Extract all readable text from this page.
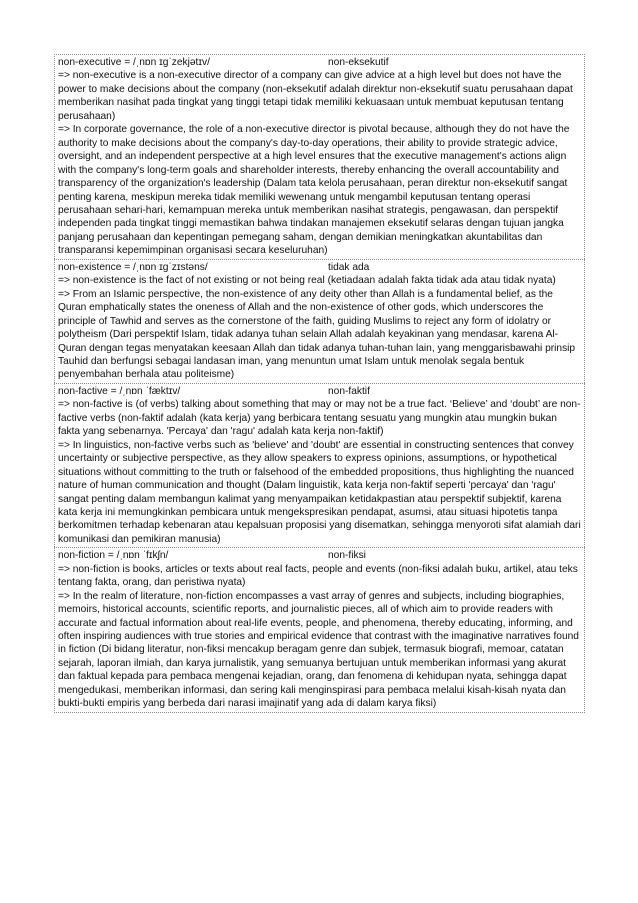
non-executive = /ˌnɒn ɪɡˈzekjətɪv/	non-eksekutif

=> non-executive is a non-executive director of a company can give advice at a high level but does not have the power to make decisions about the company (non-eksekutif adalah direktur non-eksekutif suatu perusahaan dapat memberikan nasihat pada tingkat yang tinggi tetapi tidak memiliki kekuasaan untuk membuat keputusan tentang perusahaan)

=> In corporate governance, the role of a non-executive director is pivotal because, although they do not have the authority to make decisions about the company's day-to-day operations, their ability to provide strategic advice, oversight, and an independent perspective at a high level ensures that the executive management's actions align with the company's long-term goals and shareholder interests, thereby enhancing the overall accountability and transparency of the organization's leadership (Dalam tata kelola perusahaan, peran direktur non-eksekutif sangat penting karena, meskipun mereka tidak memiliki wewenang untuk mengambil keputusan tentang operasi perusahaan sehari-hari, kemampuan mereka untuk memberikan nasihat strategis, pengawasan, dan perspektif independen pada tingkat tinggi memastikan bahwa tindakan manajemen eksekutif selaras dengan tujuan jangka panjang perusahaan dan kepentingan pemegang saham, dengan demikian meningkatkan akuntabilitas dan transparansi kepemimpinan organisasi secara keseluruhan)

non-existence = /ˌnɒn ɪɡˈzɪstəns/	tidak ada

=> non-existence is the fact of not existing or not being real (ketiadaan adalah fakta tidak ada atau tidak nyata)

=> From an Islamic perspective, the non-existence of any deity other than Allah is a fundamental belief, as the Quran emphatically states the oneness of Allah and the non-existence of other gods, which underscores the principle of Tawhid and serves as the cornerstone of the faith, guiding Muslims to reject any form of idolatry or polytheism (Dari perspektif Islam, tidak adanya tuhan selain Allah adalah keyakinan yang mendasar, karena Al-Quran dengan tegas menyatakan keesaan Allah dan tidak adanya tuhan-tuhan lain, yang menggarisbawahi prinsip Tauhid dan berfungsi sebagai landasan iman, yang menuntun umat Islam untuk menolak segala bentuk penyembahan berhala atau politeisme)

non-factive = /ˌnɒn ˈfæktɪv/	non-faktif

=> non-factive is (of verbs) talking about something that may or may not be a true fact. ‘Believe’ and ‘doubt’ are non-factive verbs (non-faktif adalah (kata kerja) yang berbicara tentang sesuatu yang mungkin atau mungkin bukan fakta yang sebenarnya. 'Percaya' dan 'ragu' adalah kata kerja non-faktif)

=> In linguistics, non-factive verbs such as 'believe' and 'doubt' are essential in constructing sentences that convey uncertainty or subjective perspective, as they allow speakers to express opinions, assumptions, or hypothetical situations without committing to the truth or falsehood of the embedded propositions, thus highlighting the nuanced nature of human communication and thought (Dalam linguistik, kata kerja non-faktif seperti 'percaya' dan 'ragu' sangat penting dalam membangun kalimat yang menyampaikan ketidakpastian atau perspektif subjektif, karena kata kerja ini memungkinkan pembicara untuk mengekspresikan pendapat, asumsi, atau situasi hipotetis tanpa berkomitmen terhadap kebenaran atau kepalsuan proposisi yang disematkan, sehingga menyoroti sifat alamiah dari komunikasi dan pemikiran manusia)

non-fiction = /ˌnɒn ˈfɪkʃn/	non-fiksi

=> non-fiction is books, articles or texts about real facts, people and events (non-fiksi adalah buku, artikel, atau teks tentang fakta, orang, dan peristiwa nyata)

=> In the realm of literature, non-fiction encompasses a vast array of genres and subjects, including biographies, memoirs, historical accounts, scientific reports, and journalistic pieces, all of which aim to provide readers with accurate and factual information about real-life events, people, and phenomena, thereby educating, informing, and often inspiring audiences with true stories and empirical evidence that contrast with the imaginative narratives found in fiction (Di bidang literatur, non-fiksi mencakup beragam genre dan subjek, termasuk biografi, memoar, catatan sejarah, laporan ilmiah, dan karya jurnalistik, yang semuanya bertujuan untuk memberikan informasi yang akurat dan faktual kepada para pembaca mengenai kejadian, orang, dan fenomena di kehidupan nyata, sehingga dapat mengedukasi, memberikan informasi, dan sering kali menginspirasi para pembaca melalui kisah-kisah nyata dan bukti-bukti empiris yang berbeda dari narasi imajinatif yang ada di dalam karya fiksi)
